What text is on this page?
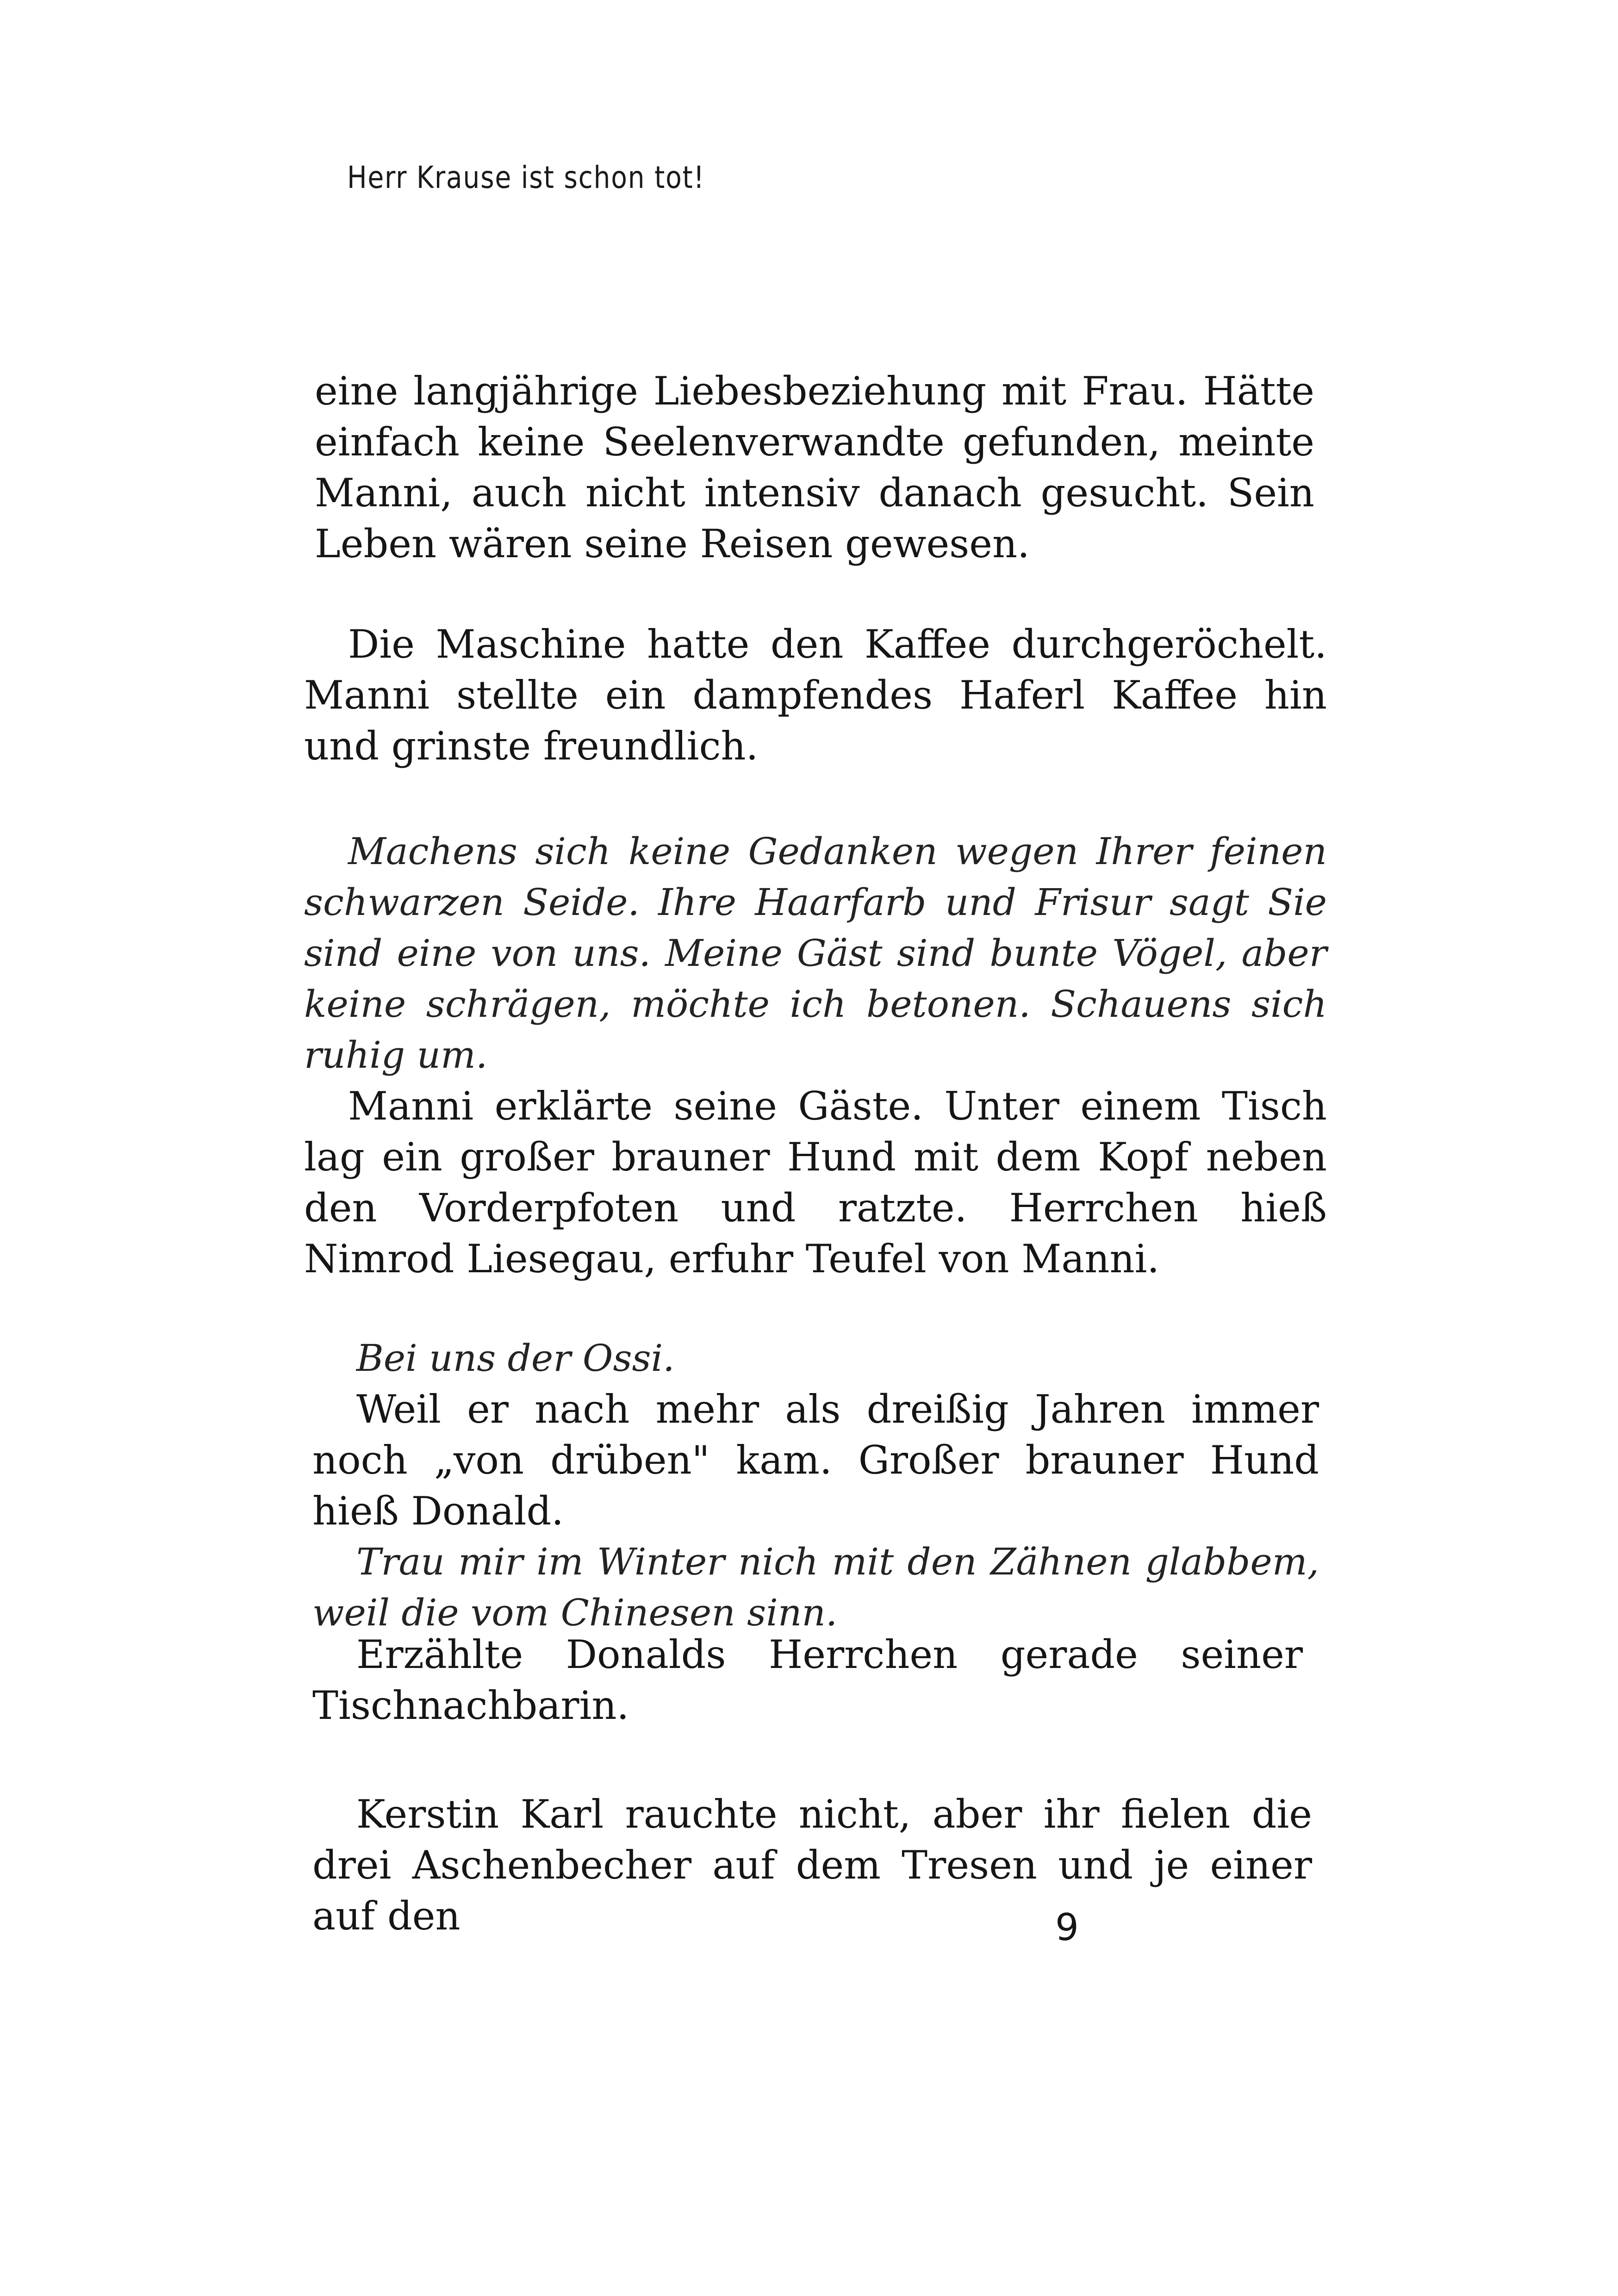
Herr Krause ist schon tot!

eine langjährige Liebesbeziehung mit Frau. Hätte einfach keine Seelenverwandte gefunden, meinte Manni, auch nicht intensiv danach gesucht. Sein Leben wären seine Reisen gewesen.

Die Maschine hatte den Kaffee durchgeröchelt. Manni stellte ein dampfendes Haferl Kaffee hin und grinste freundlich.

Machens sich keine Gedanken wegen Ihrer feinen schwarzen Seide. Ihre Haarfarb und Frisur sagt Sie sind eine von uns. Meine Gäst sind bunte Vögel, aber keine schrägen, möchte ich betonen. Schauens sich ruhig um.

Manni erklärte seine Gäste. Unter einem Tisch lag ein großer brauner Hund mit dem Kopf neben den Vorderpfoten und ratzte. Herrchen hieß Nimrod Liesegau, erfuhr Teufel von Manni.

Bei uns der Ossi.

Weil er nach mehr als dreißig Jahren immer noch „von drüben" kam. Großer brauner Hund hieß Donald.

Trau mir im Winter nich mit den Zähnen glabbem, weil die vom Chinesen sinn.

Erzählte Donalds Herrchen gerade seiner Tischnachbarin.

Kerstin Karl rauchte nicht, aber ihr fielen die drei Aschenbecher auf dem Tresen und je einer auf den	9
